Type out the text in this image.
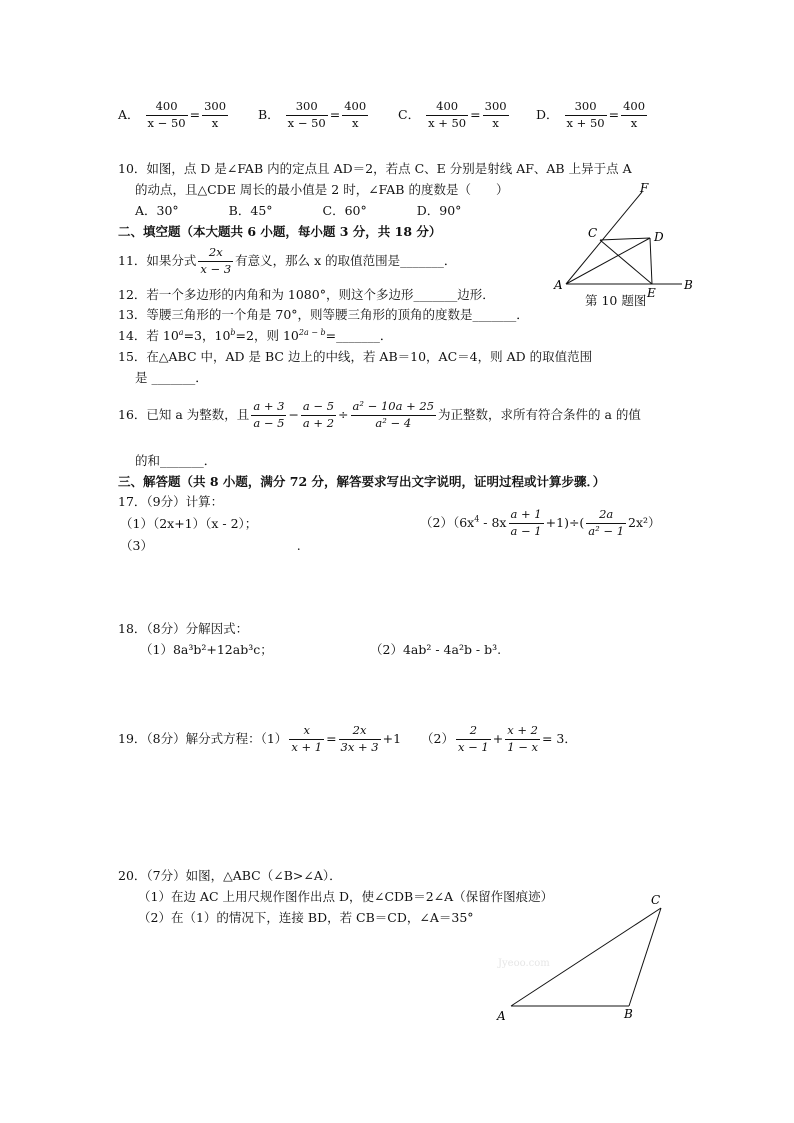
A． $\frac{400}{x - 50} = \frac{300}{x}$ B． $\frac{300}{x - 50} = \frac{400}{x}$ C． $\frac{400}{x + 50} = \frac{300}{x}$ D． $\frac{300}{x + 50} = \frac{400}{x}$
10．如图，点 D 是∠FAB 内的定点且 AD＝2，若点 C、E 分别是射线 AF、AB 上异于点 A
的动点，且△CDE 周长的最小值是 2 时，∠FAB 的度数是（　　）
A．30°　　　　B．45°　　　　C．60°　　　　D．90°
F
D
C
A
E
B
第 10 题图
二、填空题（本大题共 6 小题，每小题 3 分，共 18 分）
11．如果分式 $\frac{2x}{x - 3}$ 有意义，那么 x 的取值范围是_______．
12．若一个多边形的内角和为 1080°，则这个多边形_______边形．
13．等腰三角形的一个角是 70°，则等腰三角形的顶角的度数是_______．
14．若 $10^a=3$，$10^b=2$，则 $10^{2a - b}=\_\_\_\_\_\_\_$．
15．在△ABC 中，AD 是 BC 边上的中线，若 AB＝10，AC＝4，则 AD 的取值范围
是 _______．
16．已知 a 为整数，且 $\frac{a + 3}{a - 5} - \frac{a - 5}{a + 2} \div \frac{\text{a² − 10a + 25}}{\text{a² − 4}}$ 为正整数，求所有符合条件的 a 的值
的和_______．
三、解答题（共 8 小题，满分 72 分，解答要求写出文字说明，证明过程或计算步骤．）
17．（9分）计算：
（1）（2x+1）（x - 2）；	$(2)(6x^4 - 8x \frac{a + 1}{a - 1} +1)\div( \frac{2a}{\text{a² − 1}} 2x^2)$
（3）　　　　　　　　　　　　.
18．（8分）分解因式：
（1）8a³b²+12ab³c；	（2）4ab² - 4a²b - b³.
19．（8分）解分式方程：$(1) \frac{x}{x + 1} = \frac{2x}{3x + 3} +1$ $(2) \frac{2}{x - 1} + \frac{x + 2}{1 - x} = 3$．
20．（7分）如图，△ABC（∠B>∠A）．
（1）在边 AC 上用尺规作图作出点 D，使∠CDB＝2∠A（保留作图痕迹）
（2）在（1）的情况下，连接 BD，若 CB＝CD，∠A＝35°
A	B
C
Jyeoo.com
